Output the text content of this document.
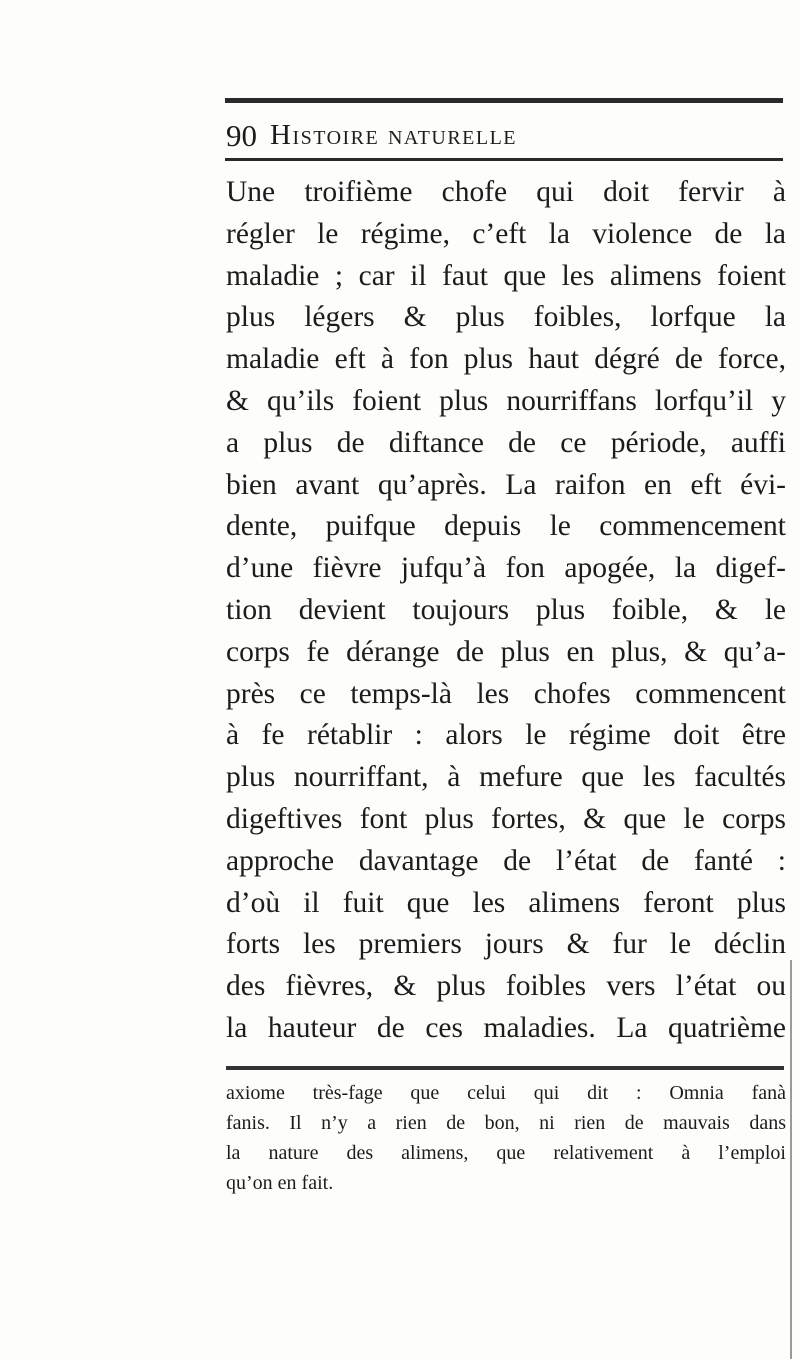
90 Histoire naturelle
Une troifième chofe qui doit fervir à
régler le régime, c’eft la violence de la
maladie ; car il faut que les alimens foient
plus légers & plus foibles, lorfque la
maladie eft à fon plus haut dégré de force,
& qu’ils foient plus nourriffans lorfqu’il y
a plus de diftance de ce période, auffi
bien avant qu’après. La raifon en eft évi-
dente, puifque depuis le commencement
d’une fièvre jufqu’à fon apogée, la digef-
tion devient toujours plus foible, & le
corps fe dérange de plus en plus, & qu’a-
près ce temps-là les chofes commencent
à fe rétablir : alors le régime doit être
plus nourriffant, à mefure que les facultés
digeftives font plus fortes, & que le corps
approche davantage de l’état de fanté :
d’où il fuit que les alimens feront plus
forts les premiers jours & fur le déclin
des fièvres, & plus foibles vers l’état ou
la hauteur de ces maladies. La quatrième
axiome très-fage que celui qui dit : Omnia fanà
fanis. Il n’y a rien de bon, ni rien de mauvais dans
la nature des alimens, que relativement à l’emploi
qu’on en fait.
